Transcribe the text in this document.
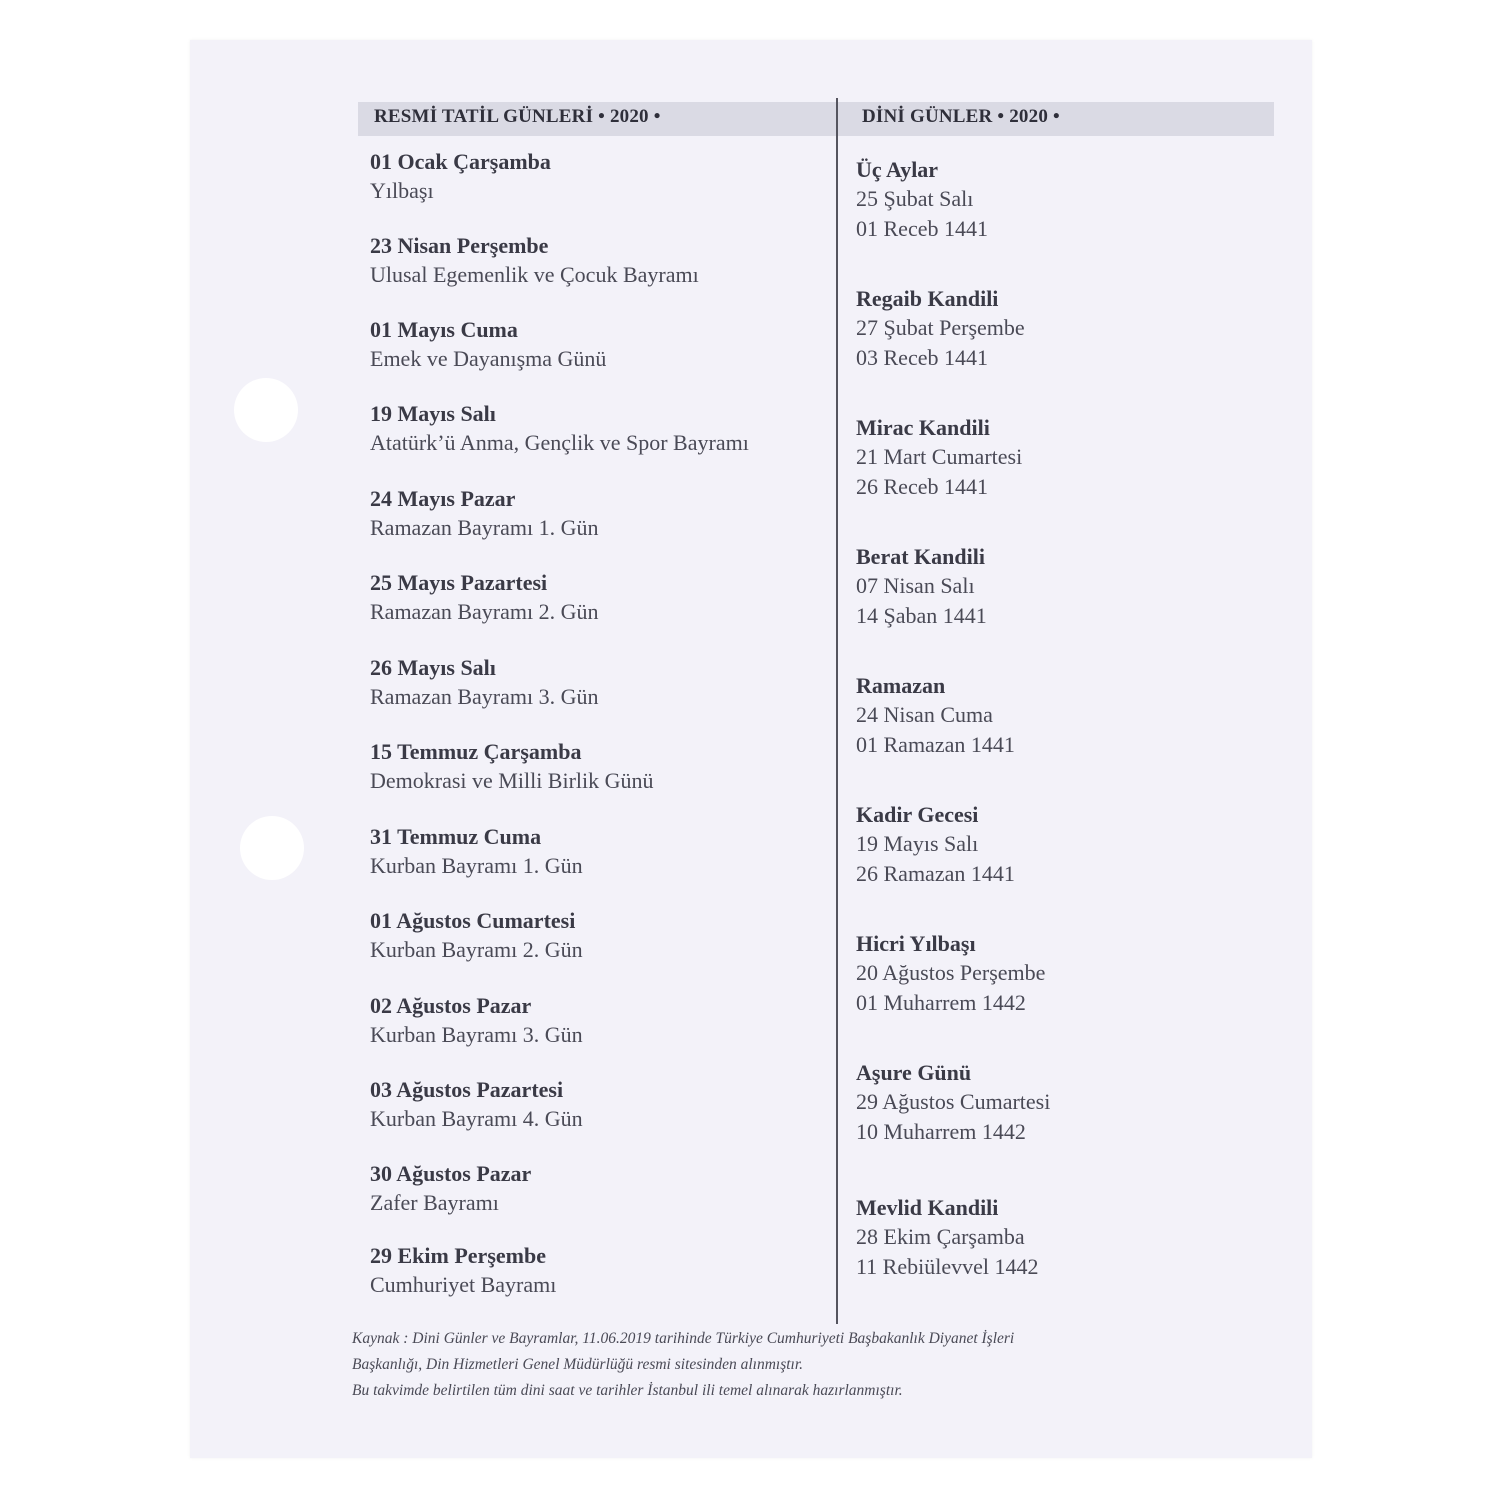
RESMİ TATİL GÜNLERİ • 2020 •	DİNİ GÜNLER • 2020 •
01 Ocak Çarşamba
Yılbaşı
23 Nisan Perşembe
Ulusal Egemenlik ve Çocuk Bayramı
01 Mayıs Cuma
Emek ve Dayanışma Günü
19 Mayıs Salı
Atatürk’ü Anma, Gençlik ve Spor Bayramı
24 Mayıs Pazar
Ramazan Bayramı 1. Gün
25 Mayıs Pazartesi
Ramazan Bayramı 2. Gün
26 Mayıs Salı
Ramazan Bayramı 3. Gün
15 Temmuz Çarşamba
Demokrasi ve Milli Birlik Günü
31 Temmuz Cuma
Kurban Bayramı 1. Gün
01 Ağustos Cumartesi
Kurban Bayramı 2. Gün
02 Ağustos Pazar
Kurban Bayramı 3. Gün
03 Ağustos Pazartesi
Kurban Bayramı 4. Gün
30 Ağustos Pazar
Zafer Bayramı
29 Ekim Perşembe
Cumhuriyet Bayramı
Üç Aylar
25 Şubat Salı
01 Receb 1441
Regaib Kandili
27 Şubat Perşembe
03 Receb 1441
Mirac Kandili
21 Mart Cumartesi
26 Receb 1441
Berat Kandili
07 Nisan Salı
14 Şaban 1441
Ramazan
24 Nisan Cuma
01 Ramazan 1441
Kadir Gecesi
19 Mayıs Salı
26 Ramazan 1441
Hicri Yılbaşı
20 Ağustos Perşembe
01 Muharrem 1442
Aşure Günü
29 Ağustos Cumartesi
10 Muharrem 1442
Mevlid Kandili
28 Ekim Çarşamba
11 Rebiülevvel 1442
Kaynak : Dini Günler ve Bayramlar, 11.06.2019 tarihinde Türkiye Cumhuriyeti Başbakanlık Diyanet İşleri
Başkanlığı, Din Hizmetleri Genel Müdürlüğü resmi sitesinden alınmıştır.
Bu takvimde belirtilen tüm dini saat ve tarihler İstanbul ili temel alınarak hazırlanmıştır.
